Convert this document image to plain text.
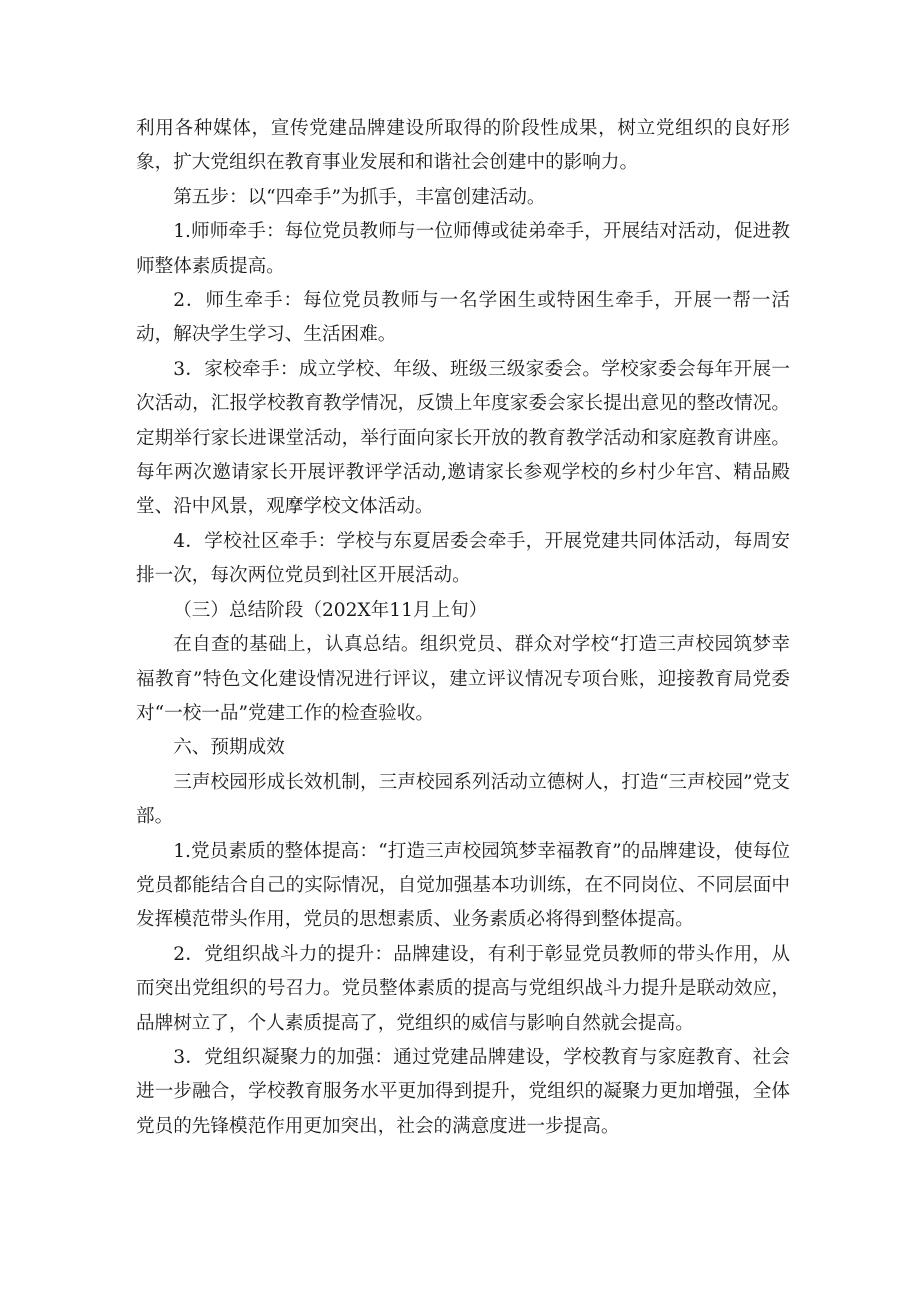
利用各种媒体，宣传党建品牌建设所取得的阶段性成果，树立党组织的良好形象，扩大党组织在教育事业发展和和谐社会创建中的影响力。

第五步：以“四牵手”为抓手，丰富创建活动。

1.师师牵手：每位党员教师与一位师傅或徒弟牵手，开展结对活动，促进教师整体素质提高。

2．师生牵手：每位党员教师与一名学困生或特困生牵手，开展一帮一活动，解决学生学习、生活困难。

3．家校牵手：成立学校、年级、班级三级家委会。学校家委会每年开展一次活动，汇报学校教育教学情况，反馈上年度家委会家长提出意见的整改情况。定期举行家长进课堂活动，举行面向家长开放的教育教学活动和家庭教育讲座。每年两次邀请家长开展评教评学活动,邀请家长参观学校的乡村少年宫、精品殿堂、沿中风景，观摩学校文体活动。

4．学校社区牵手：学校与东夏居委会牵手，开展党建共同体活动，每周安排一次，每次两位党员到社区开展活动。

（三）总结阶段（202X年11月上旬）

在自查的基础上，认真总结。组织党员、群众对学校“打造三声校园筑梦幸福教育”特色文化建设情况进行评议，建立评议情况专项台账，迎接教育局党委对“一校一品”党建工作的检查验收。

六、预期成效

三声校园形成长效机制，三声校园系列活动立德树人，打造“三声校园”党支部。

1.党员素质的整体提高：“打造三声校园筑梦幸福教育”的品牌建设，使每位党员都能结合自己的实际情况，自觉加强基本功训练，在不同岗位、不同层面中发挥模范带头作用，党员的思想素质、业务素质必将得到整体提高。

2．党组织战斗力的提升：品牌建设，有利于彰显党员教师的带头作用，从而突出党组织的号召力。党员整体素质的提高与党组织战斗力提升是联动效应，品牌树立了，个人素质提高了，党组织的威信与影响自然就会提高。

3．党组织凝聚力的加强：通过党建品牌建设，学校教育与家庭教育、社会进一步融合，学校教育服务水平更加得到提升，党组织的凝聚力更加增强，全体党员的先锋模范作用更加突出，社会的满意度进一步提高。
